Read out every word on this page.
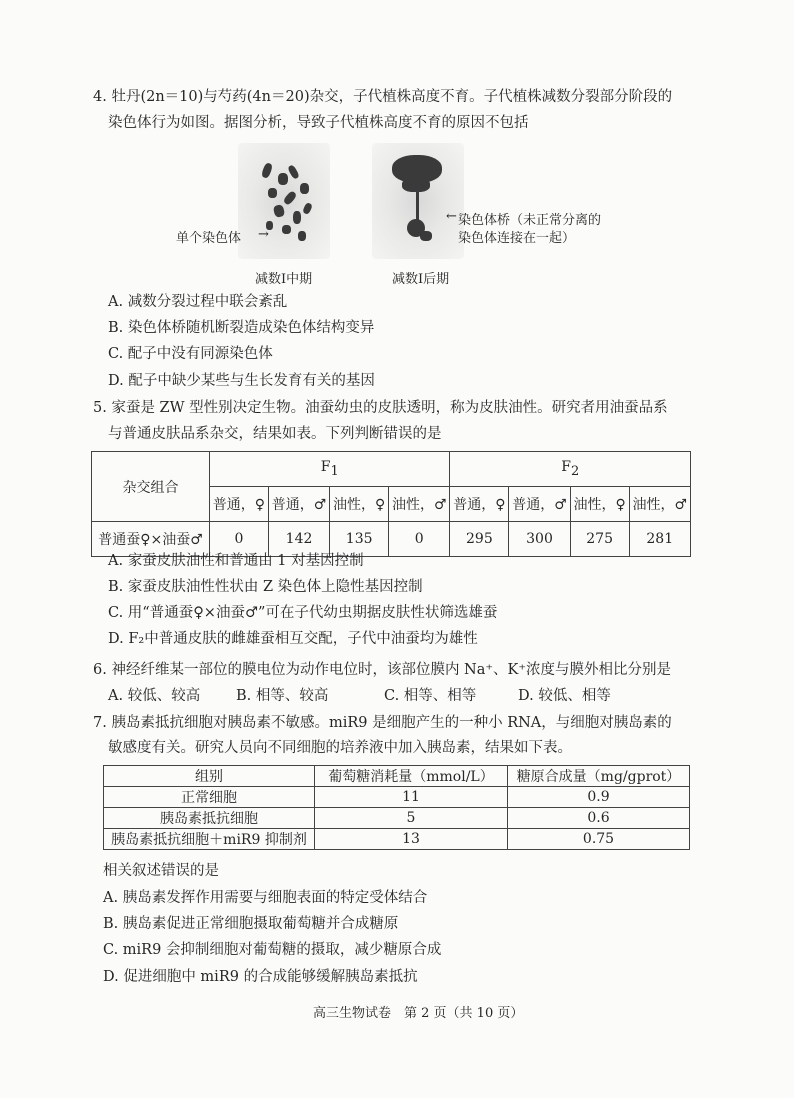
4. 牡丹(2n＝10)与芍药(4n＝20)杂交，子代植株高度不育。子代植株减数分裂部分阶段的
染色体行为如图。据图分析，导致子代植株高度不育的原因不包括
单个染色体 →
← 染色体桥（未正常分离的
染色体连接在一起）
减数Ⅰ中期	减数Ⅰ后期
A. 减数分裂过程中联会紊乱
B. 染色体桥随机断裂造成染色体结构变异
C. 配子中没有同源染色体
D. 配子中缺少某些与生长发育有关的基因
5. 家蚕是 ZW 型性别决定生物。油蚕幼虫的皮肤透明，称为皮肤油性。研究者用油蚕品系
与普通皮肤品系杂交，结果如表。下列判断错误的是
杂交组合	$F_1$				$F_2$
	普通，♀	普通，♂	油性，♀	油性，♂	普通，♀	普通，♂	油性，♀	油性，♂
普通蚕♀×油蚕♂	0	142	135	0	295	300	275	281
A. 家蚕皮肤油性和普通由 1 对基因控制
B. 家蚕皮肤油性性状由 Z 染色体上隐性基因控制
C. 用“普通蚕♀×油蚕♂”可在子代幼虫期据皮肤性状筛选雄蚕
D. F₂中普通皮肤的雌雄蚕相互交配，子代中油蚕均为雄性
6. 神经纤维某一部位的膜电位为动作电位时，该部位膜内 Na⁺、K⁺浓度与膜外相比分别是
A. 较低、较高 B. 相等、较高	C. 相等、相等	D. 较低、相等
7. 胰岛素抵抗细胞对胰岛素不敏感。miR9 是细胞产生的一种小 RNA，与细胞对胰岛素的
敏感度有关。研究人员向不同细胞的培养液中加入胰岛素，结果如下表。
组别	葡萄糖消耗量（mmol/L）	糖原合成量（mg/gprot）
正常细胞	11	0.9
胰岛素抵抗细胞	5	0.6
胰岛素抵抗细胞＋miR9 抑制剂	13	0.75
相关叙述错误的是
A. 胰岛素发挥作用需要与细胞表面的特定受体结合
B. 胰岛素促进正常细胞摄取葡萄糖并合成糖原
C. miR9 会抑制细胞对葡萄糖的摄取，减少糖原合成
D. 促进细胞中 miR9 的合成能够缓解胰岛素抵抗
高三生物试卷　第 2 页（共 10 页）
